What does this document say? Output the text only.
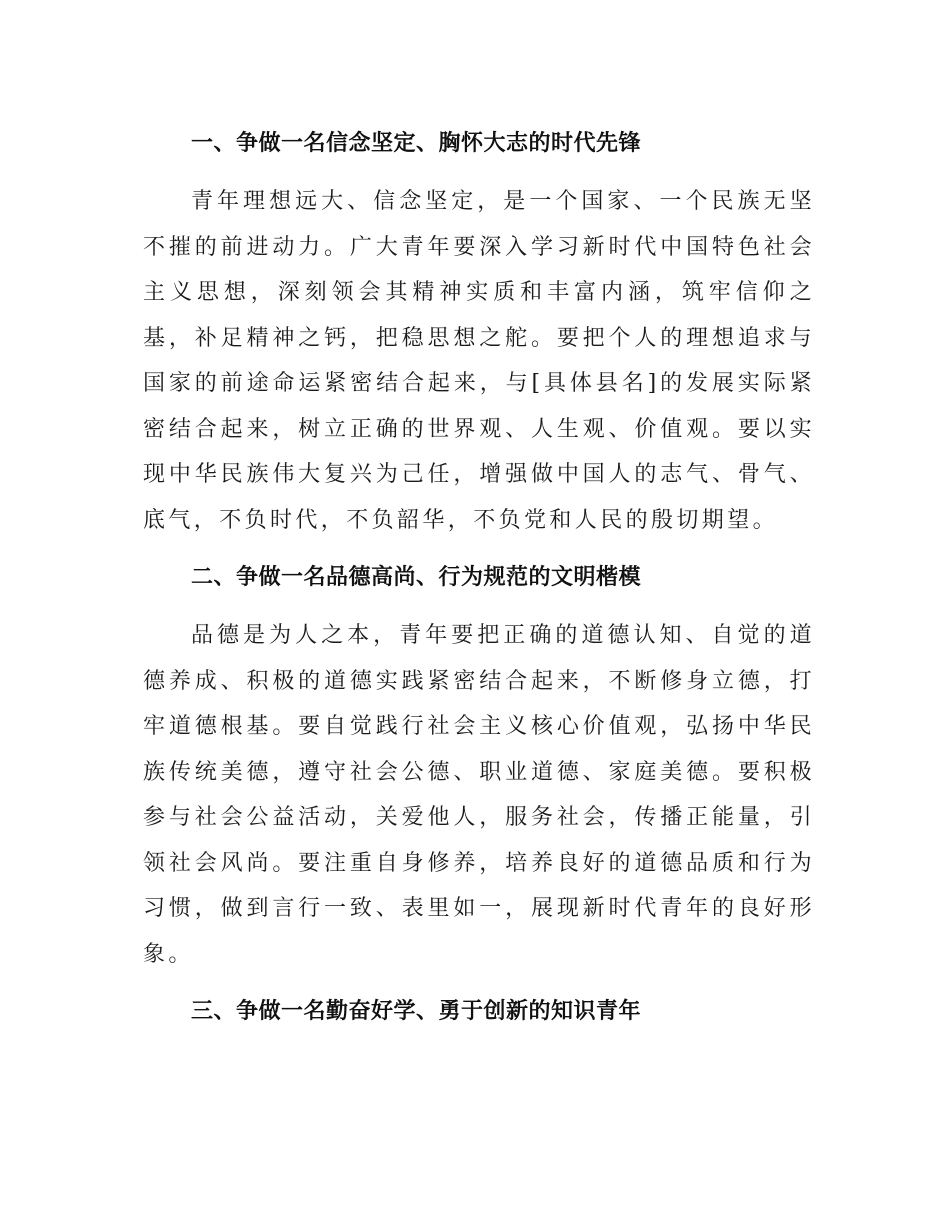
一、争做一名信念坚定、胸怀大志的时代先锋

青年理想远大、信念坚定，是一个国家、一个民族无坚不摧的前进动力。广大青年要深入学习新时代中国特色社会主义思想，深刻领会其精神实质和丰富内涵，筑牢信仰之基，补足精神之钙，把稳思想之舵。要把个人的理想追求与国家的前途命运紧密结合起来，与[具体县名]的发展实际紧密结合起来，树立正确的世界观、人生观、价值观。要以实现中华民族伟大复兴为己任，增强做中国人的志气、骨气、底气，不负时代，不负韶华，不负党和人民的殷切期望。

二、争做一名品德高尚、行为规范的文明楷模

品德是为人之本，青年要把正确的道德认知、自觉的道德养成、积极的道德实践紧密结合起来，不断修身立德，打牢道德根基。要自觉践行社会主义核心价值观，弘扬中华民族传统美德，遵守社会公德、职业道德、家庭美德。要积极参与社会公益活动，关爱他人，服务社会，传播正能量，引领社会风尚。要注重自身修养，培养良好的道德品质和行为习惯，做到言行一致、表里如一，展现新时代青年的良好形象。

三、争做一名勤奋好学、勇于创新的知识青年
